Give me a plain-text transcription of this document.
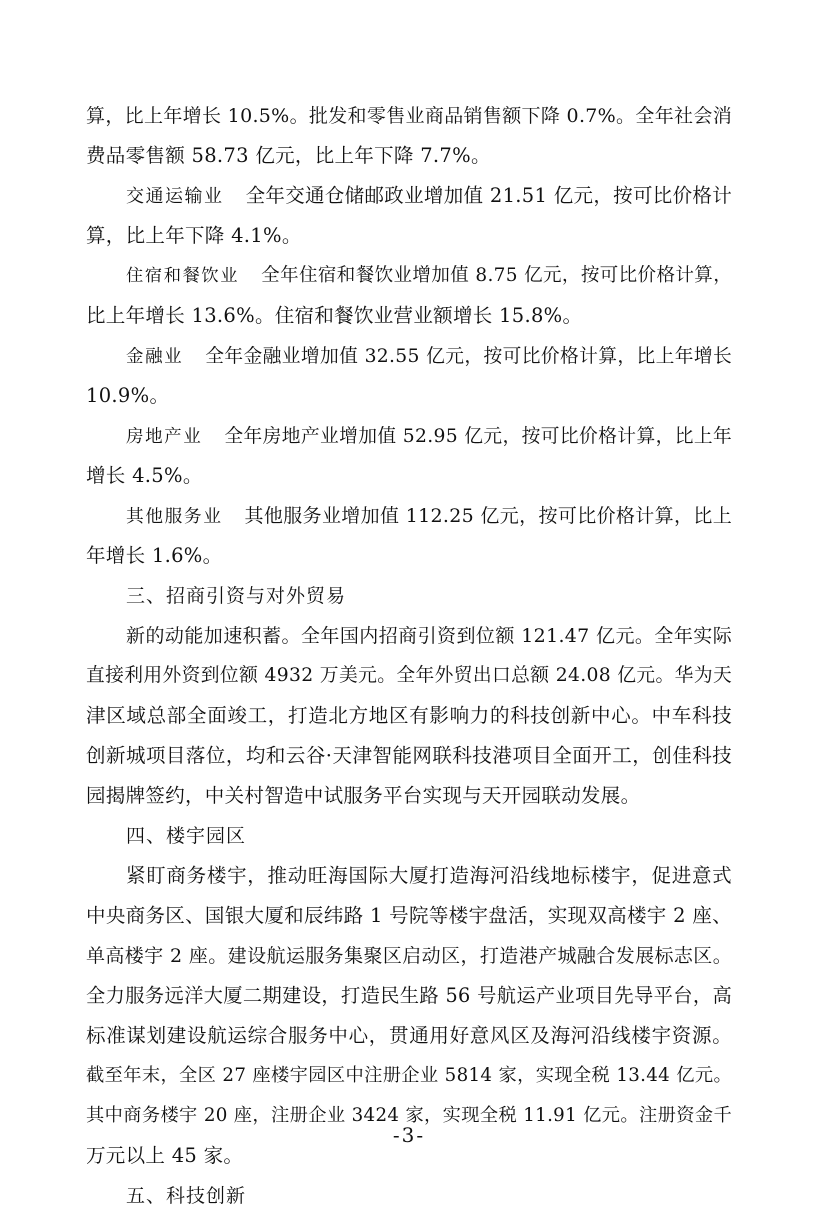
算，比上年增长 10.5%。批发和零售业商品销售额下降 0.7%。全年社会消
费品零售额 58.73 亿元，比上年下降 7.7%。
交通运输业 全年交通仓储邮政业增加值 21.51 亿元，按可比价格计
算，比上年下降 4.1%。
住宿和餐饮业 全年住宿和餐饮业增加值 8.75 亿元，按可比价格计算，
比上年增长 13.6%。住宿和餐饮业营业额增长 15.8%。
金融业 全年金融业增加值 32.55 亿元，按可比价格计算，比上年增长
10.9%。
房地产业 全年房地产业增加值 52.95 亿元，按可比价格计算，比上年
增长 4.5%。
其他服务业 其他服务业增加值 112.25 亿元，按可比价格计算，比上
年增长 1.6%。
三、招商引资与对外贸易
新的动能加速积蓄。全年国内招商引资到位额 121.47 亿元。全年实际
直接利用外资到位额 4932 万美元。全年外贸出口总额 24.08 亿元。华为天
津区域总部全面竣工，打造北方地区有影响力的科技创新中心。中车科技
创新城项目落位，均和云谷·天津智能网联科技港项目全面开工，创佳科技
园揭牌签约，中关村智造中试服务平台实现与天开园联动发展。
四、楼宇园区
紧盯商务楼宇，推动旺海国际大厦打造海河沿线地标楼宇，促进意式
中央商务区、国银大厦和辰纬路 1 号院等楼宇盘活，实现双高楼宇 2 座、
单高楼宇 2 座。建设航运服务集聚区启动区，打造港产城融合发展标志区。
全力服务远洋大厦二期建设，打造民生路 56 号航运产业项目先导平台，高
标准谋划建设航运综合服务中心，贯通用好意风区及海河沿线楼宇资源。
截至年末，全区 27 座楼宇园区中注册企业 5814 家，实现全税 13.44 亿元。
其中商务楼宇 20 座，注册企业 3424 家，实现全税 11.91 亿元。注册资金千
万元以上 45 家。
五、科技创新
-3-
